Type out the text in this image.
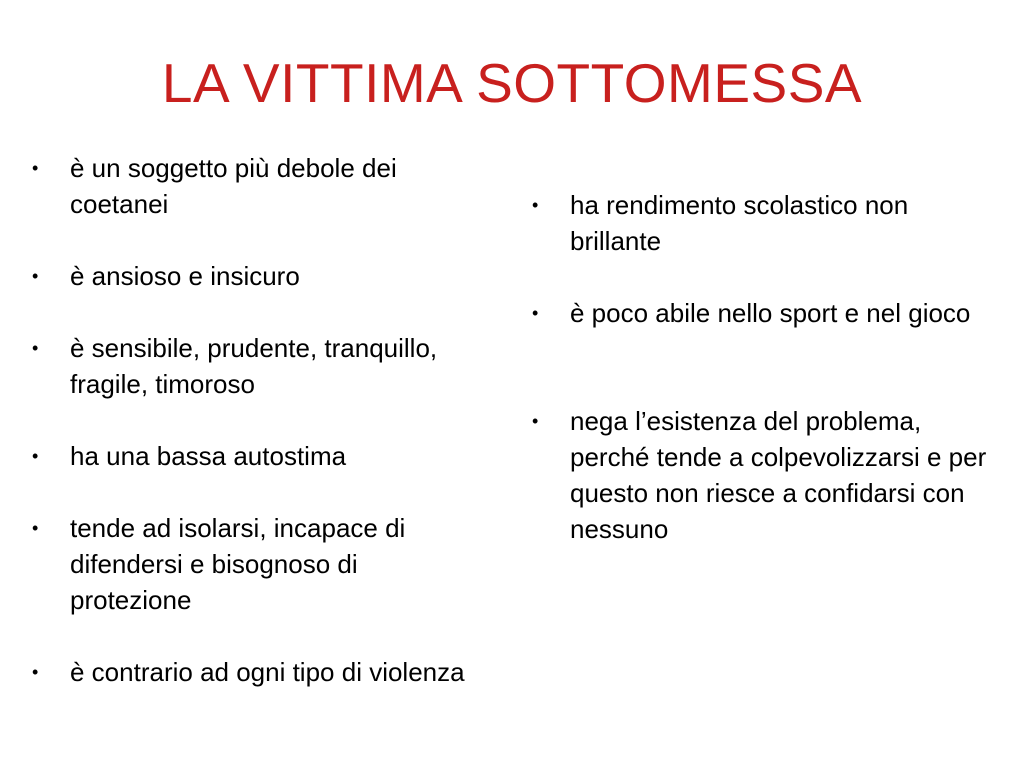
LA VITTIMA SOTTOMESSA
•	è un soggetto più debole dei coetanei
•	è ansioso e insicuro
•	è sensibile, prudente, tranquillo, fragile, timoroso
•	ha una bassa autostima
•	tende ad isolarsi, incapace di difendersi e bisognoso di protezione
•	è contrario ad ogni tipo di violenza
•	ha rendimento scolastico non brillante
•	è poco abile nello sport e nel gioco
•	nega l’esistenza del problema, perché tende a colpevolizzarsi e per questo non riesce a confidarsi con nessuno
